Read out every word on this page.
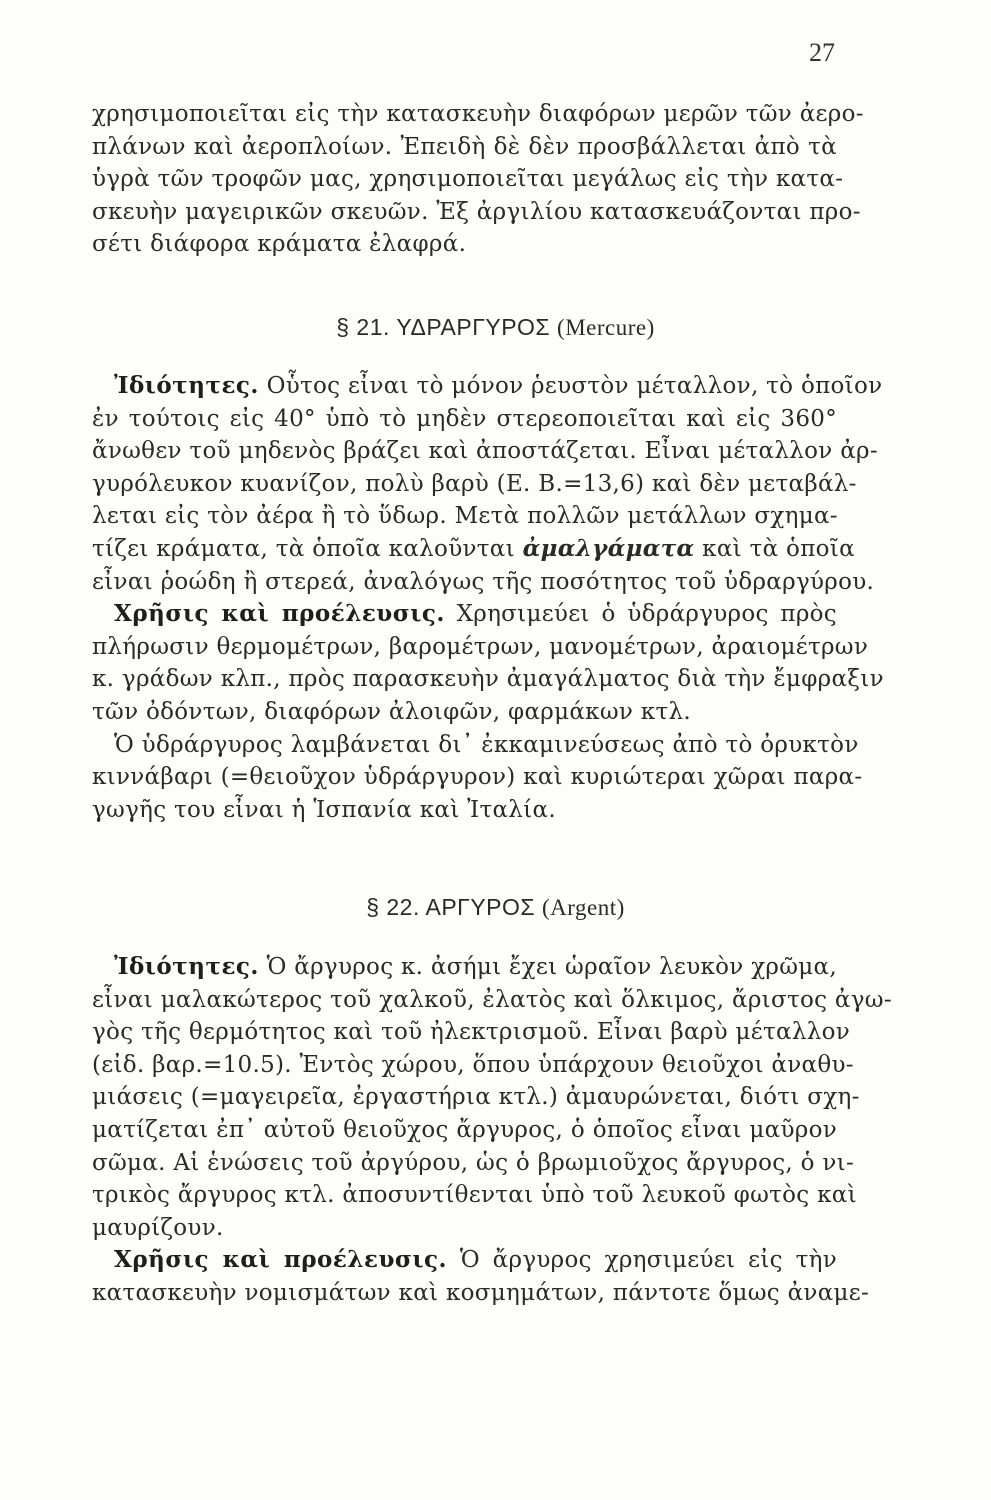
27
χρησιμοποιεῖται εἰς τὴν κατασκευὴν διαφόρων μερῶν τῶν ἀερο-
πλάνων καὶ ἀεροπλοίων. Ἐπειδὴ δὲ δὲν προσβάλλεται ἀπὸ τὰ
ὑγρὰ τῶν τροφῶν μας, χρησιμοποιεῖται μεγάλως εἰς τὴν κατα-
σκευὴν μαγειρικῶν σκευῶν. Ἐξ ἀργιλίου κατασκευάζονται προ-
σέτι διάφορα κράματα ἐλαφρά.
§ 21. ΥΔΡΑΡΓΥΡΟΣ (Mercure)
Ἰδιότητες. Οὗτος εἶναι τὸ μόνον ῥευστὸν μέταλλον, τὸ ὁποῖον
ἐν τούτοις εἰς 40° ὑπὸ τὸ μηδὲν στερεοποιεῖται καὶ εἰς 360°
ἄνωθεν τοῦ μηδενὸς βράζει καὶ ἀποστάζεται. Εἶναι μέταλλον ἀρ-
γυρόλευκον κυανίζον, πολὺ βαρὺ (Ε. Β.=13,6) καὶ δὲν μεταβάλ-
λεται εἰς τὸν ἀέρα ἢ τὸ ὕδωρ. Μετὰ πολλῶν μετάλλων σχημα-
τίζει κράματα, τὰ ὁποῖα καλοῦνται ἀμαλγάματα καὶ τὰ ὁποῖα
εἶναι ῥοώδη ἢ στερεά, ἀναλόγως τῆς ποσότητος τοῦ ὑδραργύρου.
Χρῆσις καὶ προέλευσις. Χρησιμεύει ὁ ὑδράργυρος πρὸς
πλήρωσιν θερμομέτρων, βαρομέτρων, μανομέτρων, ἀραιομέτρων
κ. γράδων κλπ., πρὸς παρασκευὴν ἀμαγάλματος διὰ τὴν ἔμφραξιν
τῶν ὀδόντων, διαφόρων ἀλοιφῶν, φαρμάκων κτλ.
Ὁ ὑδράργυρος λαμβάνεται δι᾽ ἐκκαμινεύσεως ἀπὸ τὸ ὀρυκτὸν
κιννάβαρι (=θειοῦχον ὑδράργυρον) καὶ κυριώτεραι χῶραι παρα-
γωγῆς του εἶναι ἡ Ἱσπανία καὶ Ἰταλία.
§ 22. ΑΡΓΥΡΟΣ (Argent)
Ἰδιότητες. Ὁ ἄργυρος κ. ἀσήμι ἔχει ὡραῖον λευκὸν χρῶμα,
εἶναι μαλακώτερος τοῦ χαλκοῦ, ἐλατὸς καὶ ὅλκιμος, ἄριστος ἀγω-
γὸς τῆς θερμότητος καὶ τοῦ ἠλεκτρισμοῦ. Εἶναι βαρὺ μέταλλον
(εἰδ. βαρ.=10.5). Ἐντὸς χώρου, ὅπου ὑπάρχουν θειοῦχοι ἀναθυ-
μιάσεις (=μαγειρεῖα, ἐργαστήρια κτλ.) ἀμαυρώνεται, διότι σχη-
ματίζεται ἐπ᾽ αὐτοῦ θειοῦχος ἄργυρος, ὁ ὁποῖος εἶναι μαῦρον
σῶμα. Αἱ ἑνώσεις τοῦ ἀργύρου, ὡς ὁ βρωμιοῦχος ἄργυρος, ὁ νι-
τρικὸς ἄργυρος κτλ. ἀποσυντίθενται ὑπὸ τοῦ λευκοῦ φωτὸς καὶ
μαυρίζουν.
Χρῆσις καὶ προέλευσις. Ὁ ἄργυρος χρησιμεύει εἰς τὴν
κατασκευὴν νομισμάτων καὶ κοσμημάτων, πάντοτε ὅμως ἀναμε-
